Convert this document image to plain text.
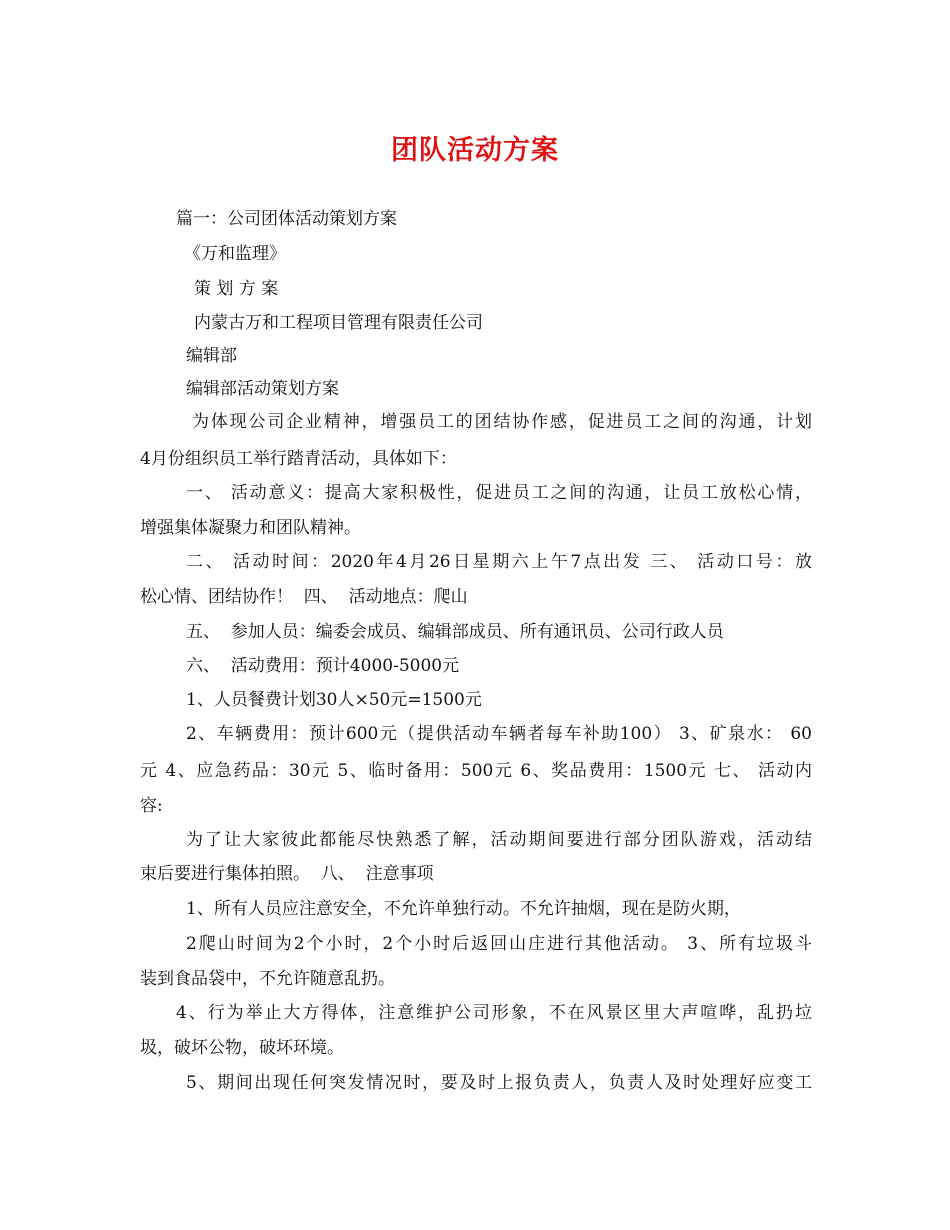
团队活动方案
篇一：公司团体活动策划方案
《万和监理》
策 划 方 案
内蒙古万和工程项目管理有限责任公司
编辑部
编辑部活动策划方案
为体现公司企业精神，增强员工的团结协作感，促进员工之间的沟通，计划
4月份组织员工举行踏青活动，具体如下：
一、 活动意义：提高大家积极性，促进员工之间的沟通，让员工放松心情，
增强集体凝聚力和团队精神。
二、 活动时间：2020年4月26日星期六上午7点出发 三、 活动口号：放
松心情、团结协作！  四、  活动地点：爬山
五、  参加人员：编委会成员、编辑部成员、所有通讯员、公司行政人员
六、  活动费用：预计4000-5000元
1、人员餐费计划30人×50元=1500元
2、车辆费用：预计600元（提供活动车辆者每车补助100） 3、矿泉水： 60
元 4、应急药品：30元 5、临时备用：500元 6、奖品费用：1500元 七、 活动内
容:
为了让大家彼此都能尽快熟悉了解，活动期间要进行部分团队游戏，活动结
束后要进行集体拍照。  八、  注意事项
1、所有人员应注意安全，不允许单独行动。不允许抽烟，现在是防火期，
2爬山时间为2个小时，2个小时后返回山庄进行其他活动。 3、所有垃圾斗
装到食品袋中，不允许随意乱扔。
4、行为举止大方得体，注意维护公司形象，不在风景区里大声喧哗，乱扔垃
圾，破坏公物，破坏环境。
5、期间出现任何突发情况时，要及时上报负责人，负责人及时处理好应变工
